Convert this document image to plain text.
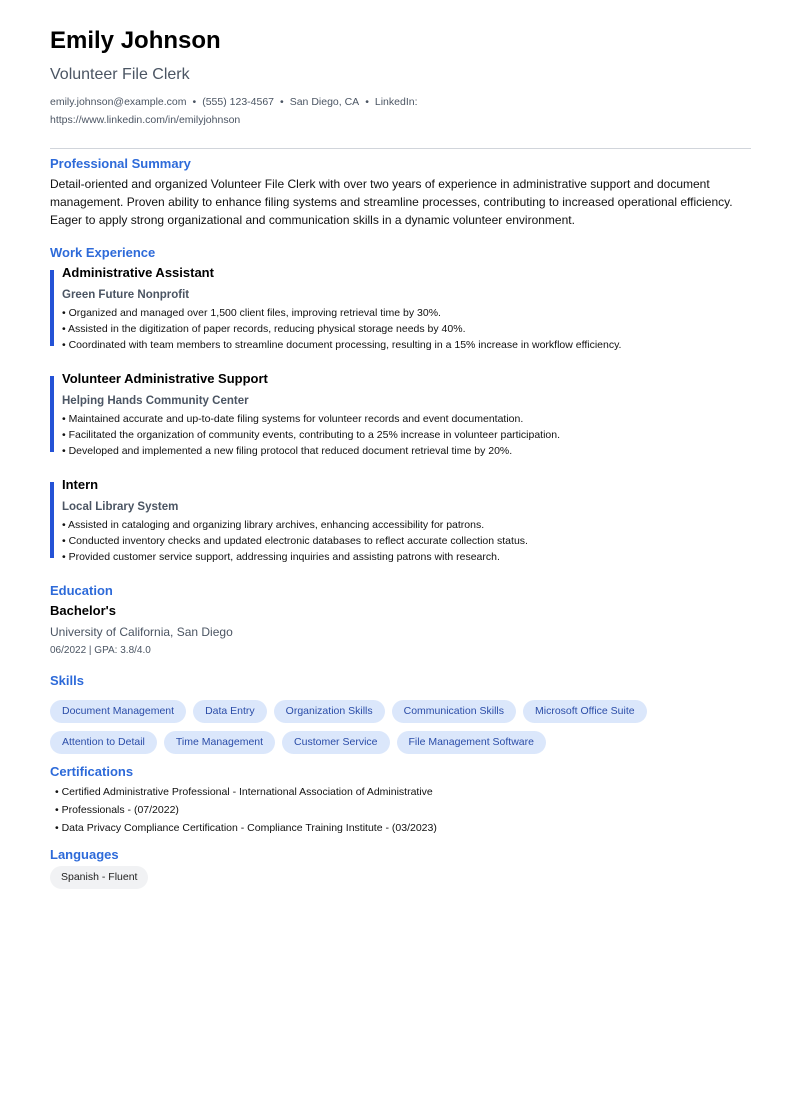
Emily Johnson
Volunteer File Clerk
emily.johnson@example.com • (555) 123-4567 • San Diego, CA • LinkedIn:
https://www.linkedin.com/in/emilyjohnson
Professional Summary
Detail-oriented and organized Volunteer File Clerk with over two years of experience in administrative support and document management. Proven ability to enhance filing systems and streamline processes, contributing to increased operational efficiency. Eager to apply strong organizational and communication skills in a dynamic volunteer environment.
Work Experience
Administrative Assistant
Green Future Nonprofit
• Organized and managed over 1,500 client files, improving retrieval time by 30%.
• Assisted in the digitization of paper records, reducing physical storage needs by 40%.
• Coordinated with team members to streamline document processing, resulting in a 15% increase in workflow efficiency.
Volunteer Administrative Support
Helping Hands Community Center
• Maintained accurate and up-to-date filing systems for volunteer records and event documentation.
• Facilitated the organization of community events, contributing to a 25% increase in volunteer participation.
• Developed and implemented a new filing protocol that reduced document retrieval time by 20%.
Intern
Local Library System
• Assisted in cataloging and organizing library archives, enhancing accessibility for patrons.
• Conducted inventory checks and updated electronic databases to reflect accurate collection status.
• Provided customer service support, addressing inquiries and assisting patrons with research.
Education
Bachelor's
University of California, San Diego
06/2022 | GPA: 3.8/4.0
Skills
Document Management	Data Entry	Organization Skills	Communication Skills	Microsoft Office Suite
Attention to Detail	Time Management	Customer Service	File Management Software
Certifications
• Certified Administrative Professional - International Association of Administrative
• Professionals - (07/2022)
• Data Privacy Compliance Certification - Compliance Training Institute - (03/2023)
Languages
Spanish - Fluent
